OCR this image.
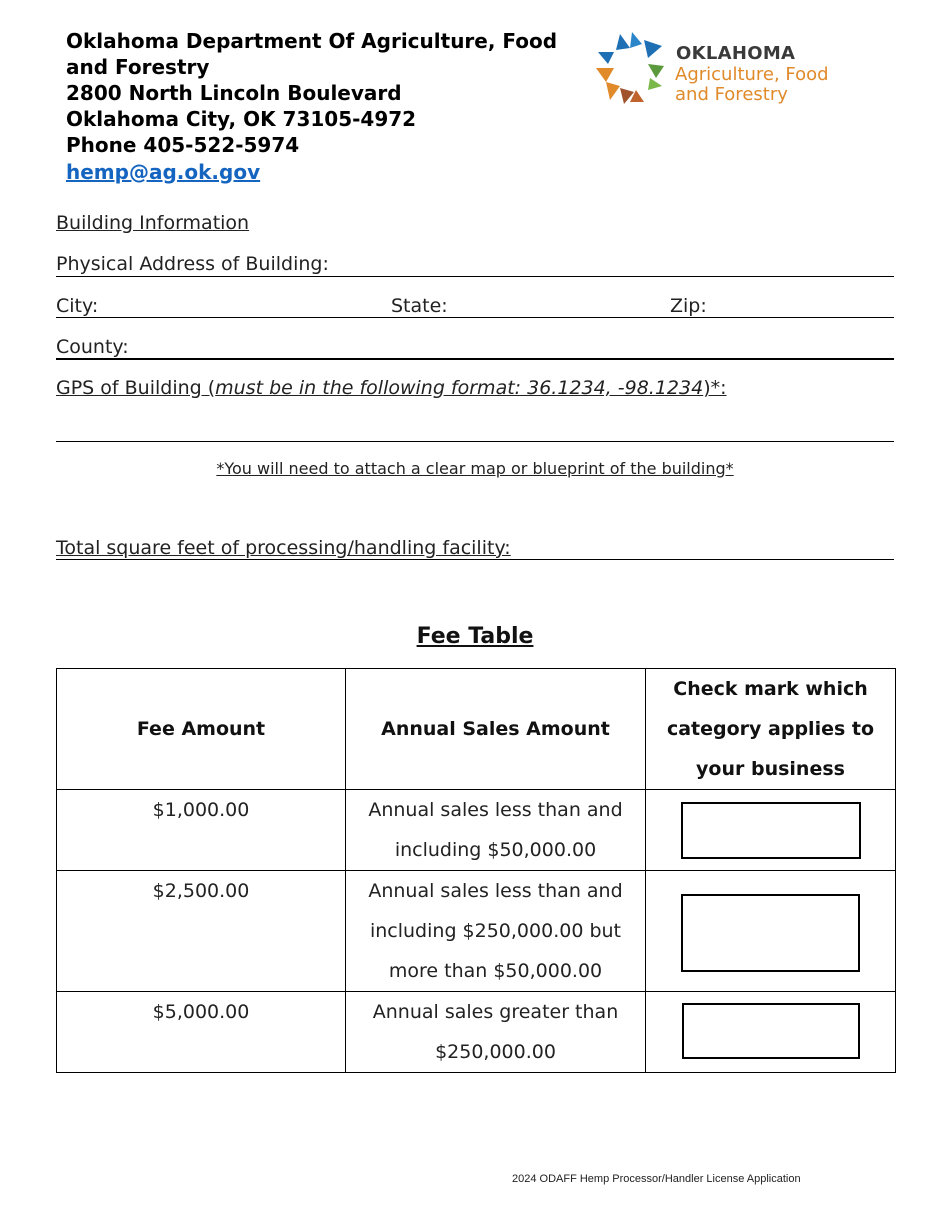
Oklahoma Department Of Agriculture, Food
and Forestry
2800 North Lincoln Boulevard
Oklahoma City, OK 73105-4972
Phone 405-522-5974
hemp@ag.ok.gov
OKLAHOMA
Agriculture, Food
and Forestry
Building Information
Physical Address of Building:
City:	State:	Zip:
County:
GPS of Building (must be in the following format: 36.1234, -98.1234)*:
*You will need to attach a clear map or blueprint of the building*
Total square feet of processing/handling facility:
Fee Table
Fee Amount	Annual Sales Amount	Check mark which category applies to your business
$1,000.00	Annual sales less than and including $50,000.00	

$2,500.00	Annual sales less than and including $250,000.00 but more than $50,000.00	

$5,000.00	Annual sales greater than $250,000.00	
2024 ODAFF Hemp Processor/Handler License Application
